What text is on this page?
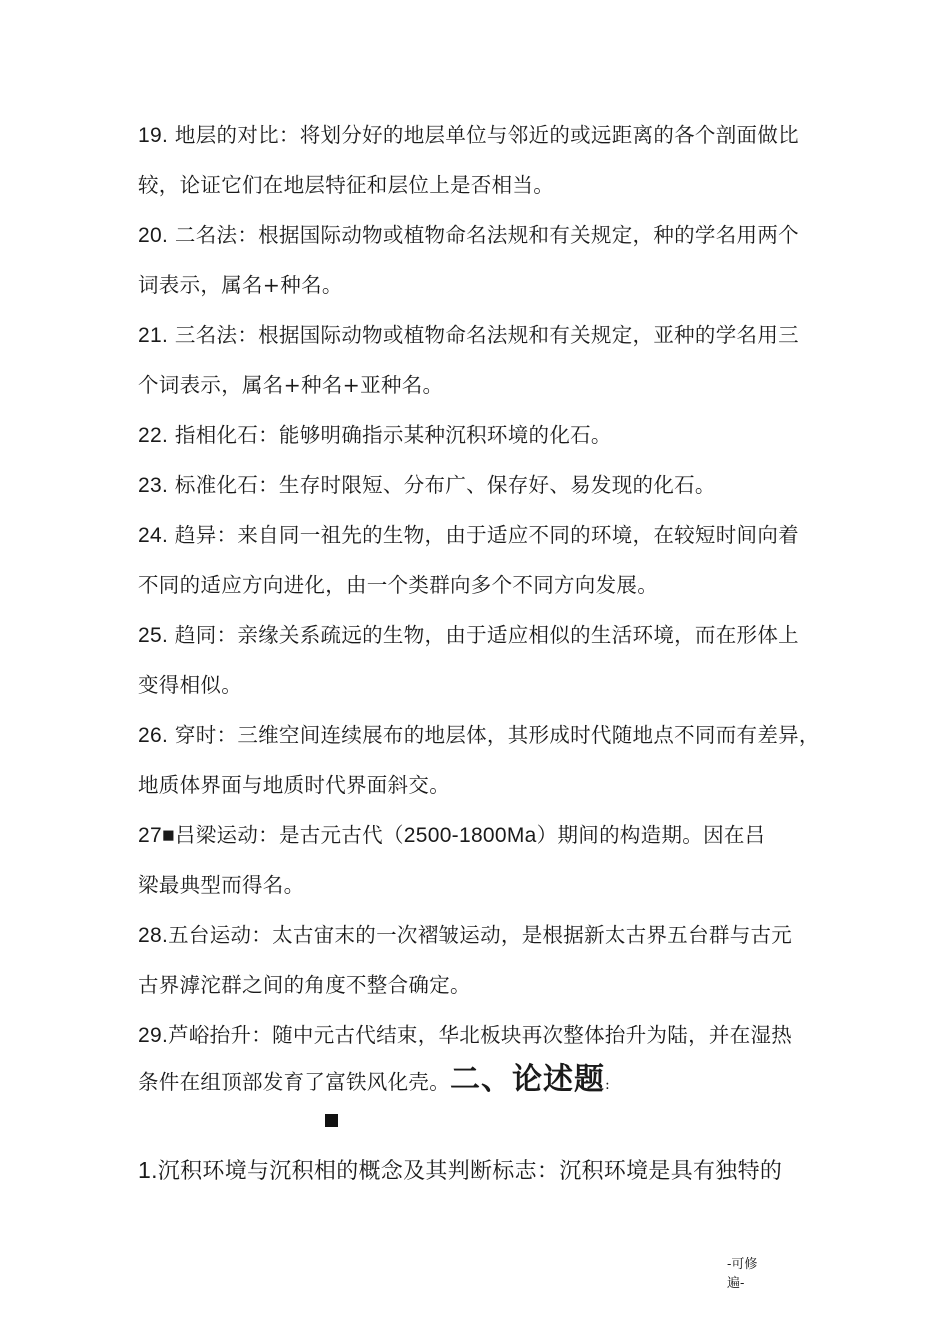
19. 地层的对比：将划分好的地层单位与邻近的或远距离的各个剖面做比
较，论证它们在地层特征和层位上是否相当。
20. 二名法：根据国际动物或植物命名法规和有关规定，种的学名用两个
词表示，属名+种名。
21. 三名法：根据国际动物或植物命名法规和有关规定，亚种的学名用三
个词表示，属名+种名+亚种名。
22. 指相化石：能够明确指示某种沉积环境的化石。
23. 标准化石：生存时限短、分布广、保存好、易发现的化石。
24. 趋异：来自同一祖先的生物，由于适应不同的环境，在较短时间向着
不同的适应方向进化，由一个类群向多个不同方向发展。
25. 趋同：亲缘关系疏远的生物，由于适应相似的生活环境，而在形体上
变得相似。
26. 穿时：三维空间连续展布的地层体，其形成时代随地点不同而有差异，
地质体界面与地质时代界面斜交。
27■吕梁运动：是古元古代（2500-1800Ma）期间的构造期。因在吕
梁最典型而得名。
28.五台运动：太古宙末的一次褶皱运动，是根据新太古界五台群与古元
古界滹沱群之间的角度不整合确定。
29.芦峪抬升：随中元古代结束，华北板块再次整体抬升为陆，并在湿热
条件在组顶部发育了富铁风化壳。二、论述题:
1.沉积环境与沉积相的概念及其判断标志：沉积环境是具有独特的
-可修
遍-
